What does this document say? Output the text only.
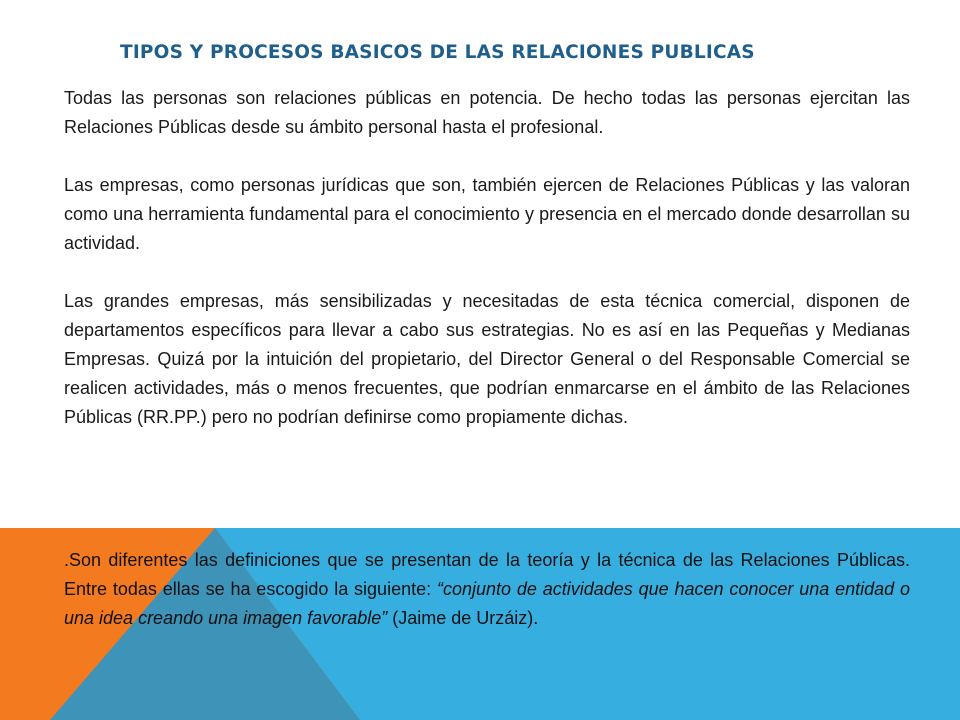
TIPOS Y PROCESOS BASICOS DE LAS RELACIONES PUBLICAS

Todas las personas son relaciones públicas en potencia. De hecho todas las personas ejercitan las Relaciones Públicas desde su ámbito personal hasta el profesional.

Las empresas, como personas jurídicas que son, también ejercen de Relaciones Públicas y las valoran como una herramienta fundamental para el conocimiento y presencia en el mercado donde desarrollan su actividad.

Las grandes empresas, más sensibilizadas y necesitadas de esta técnica comercial, disponen de departamentos específicos para llevar a cabo sus estrategias. No es así en las Pequeñas y Medianas Empresas. Quizá por la intuición del propietario, del Director General o del Responsable Comercial se realicen actividades, más o menos frecuentes, que podrían enmarcarse en el ámbito de las Relaciones Públicas (RR.PP.) pero no podrían definirse como propiamente dichas.

.Son diferentes las definiciones que se presentan de la teoría y la técnica de las Relaciones Públicas. Entre todas ellas se ha escogido la siguiente: “conjunto de actividades que hacen conocer una entidad o una idea creando una imagen favorable” (Jaime de Urzáiz).
